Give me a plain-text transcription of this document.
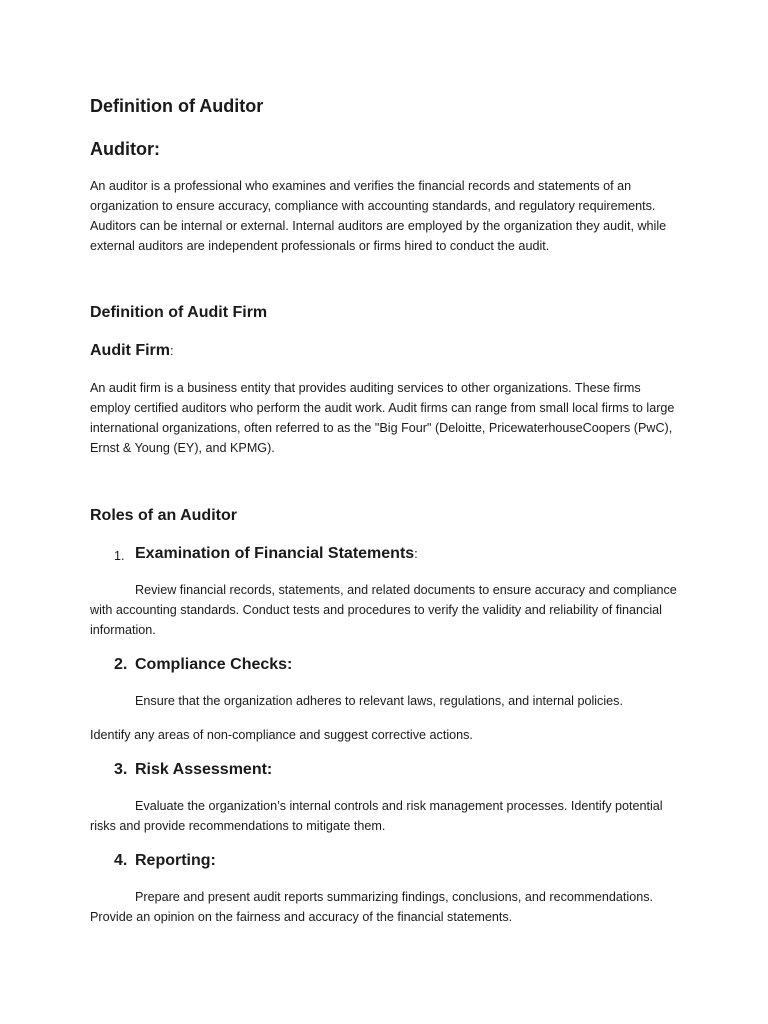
Definition of Auditor
Auditor:

An auditor is a professional who examines and verifies the financial records and statements of an organization to ensure accuracy, compliance with accounting standards, and regulatory requirements. Auditors can be internal or external. Internal auditors are employed by the organization they audit, while external auditors are independent professionals or firms hired to conduct the audit.

Definition of Audit Firm
Audit Firm:

An audit firm is a business entity that provides auditing services to other organizations. These firms employ certified auditors who perform the audit work. Audit firms can range from small local firms to large international organizations, often referred to as the "Big Four" (Deloitte, PricewaterhouseCoopers (PwC), Ernst & Young (EY), and KPMG).

Roles of an Auditor
1. Examination of Financial Statements:

Review financial records, statements, and related documents to ensure accuracy and compliance with accounting standards. Conduct tests and procedures to verify the validity and reliability of financial information.

2. Compliance Checks:

Ensure that the organization adheres to relevant laws, regulations, and internal policies.

Identify any areas of non-compliance and suggest corrective actions.

3. Risk Assessment:

Evaluate the organization’s internal controls and risk management processes. Identify potential risks and provide recommendations to mitigate them.

4. Reporting:

Prepare and present audit reports summarizing findings, conclusions, and recommendations. Provide an opinion on the fairness and accuracy of the financial statements.
